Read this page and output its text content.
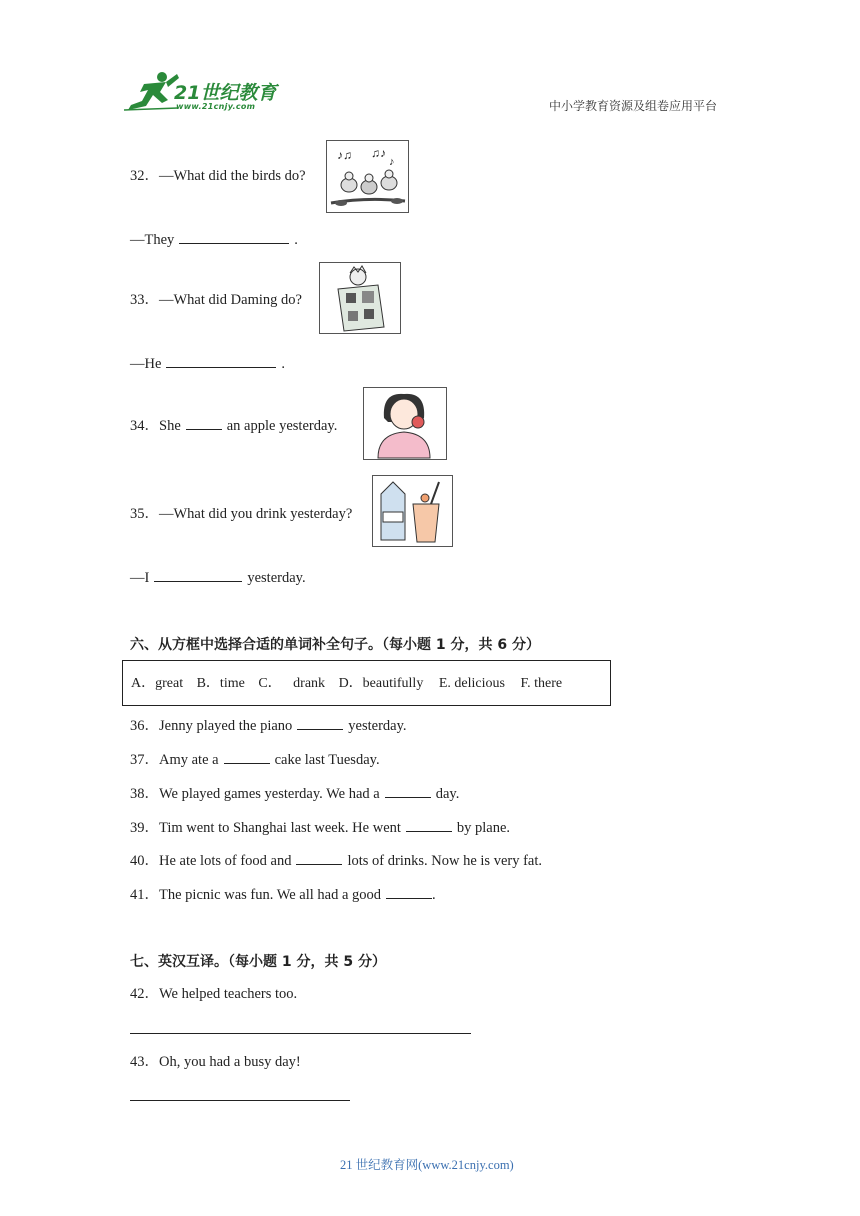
21世纪教育
www.21cnjy.com	中小学教育资源及组卷应用平台
32．—What did the birds do?
♪♫ ♫♪
♪
—They	.
33．—What did Daming do?
—He	.
34．She	an apple yesterday.
35．—What did you drink yesterday?
—I	yesterday.
六、从方框中选择合适的单词补全句子。（每小题 1 分，共 6 分）
A．great B．time C． drank D．beautifully E. delicious F. there
36．Jenny played the piano	yesterday.
37．Amy ate a	cake last Tuesday.
38．We played games yesterday. We had a	day.
39．Tim went to Shanghai last week. He went	by plane.
40．He ate lots of food and	lots of drinks. Now he is very fat.
41．The picnic was fun. We all had a good	.
七、英汉互译。（每小题 1 分，共 5 分）
42．We helped teachers too.
43．Oh, you had a busy day!
21 世纪教育网(www.21cnjy.com)
